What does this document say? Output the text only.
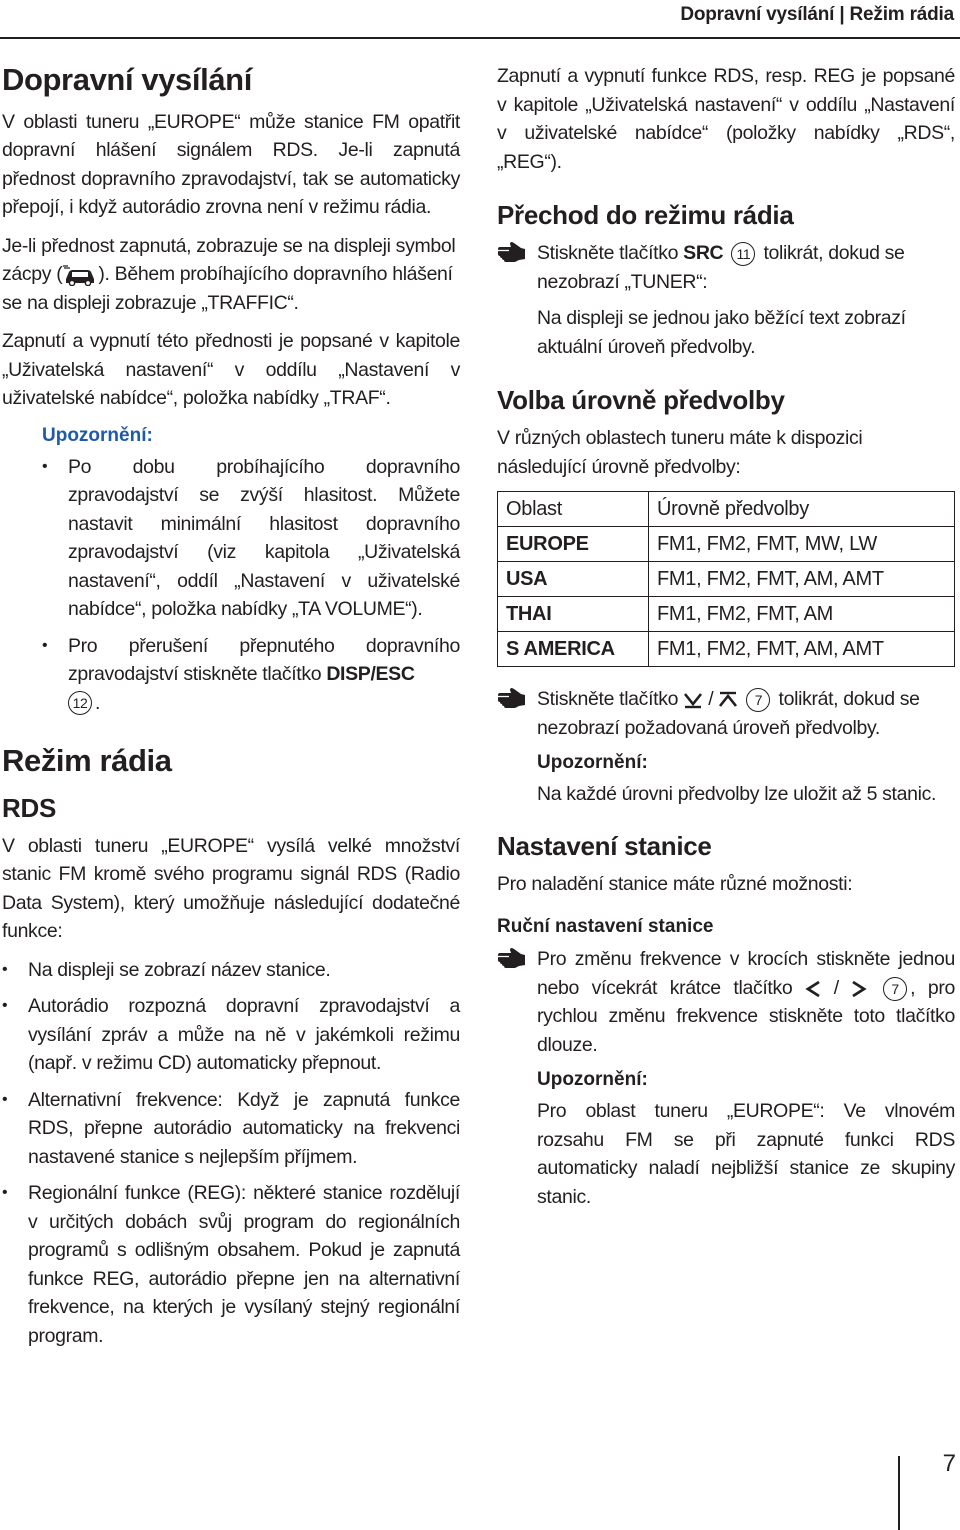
Dopravní vysílání | Režim rádia
Dopravní vysílání

V oblasti tuneru „EUROPE“ může stanice FM opatřit dopravní hlášení signálem RDS. Je-li zapnutá přednost dopravního zpravodajství, tak se automaticky přepojí, i když autorádio zrovna není v režimu rádia.

Je-li přednost zapnutá, zobrazuje se na displeji symbol zácpy ( ). Během probíhajícího dopravního hlášení se na displeji zobrazuje „TRAFFIC“.

Zapnutí a vypnutí této přednosti je popsané v kapitole „Uživatelská nastavení“ v oddílu „Nastavení v uživatelské nabídce“, položka nabídky „TRAF“.

Upozornění:
• Po dobu probíhajícího dopravního zpravodajství se zvýší hlasitost. Můžete nastavit minimální hlasitost dopravního zpravodajství (viz kapitola „Uživatelská nastavení“, oddíl „Nastavení v uživatelské nabídce“, položka nabídky „TA VOLUME“).
• Pro přerušení přepnutého dopravního zpravodajství stiskněte tlačítko DISP/ESC
12 .
Režim rádia
RDS

V oblasti tuneru „EUROPE“ vysílá velké množství stanic FM kromě svého programu signál RDS (Radio Data System), který umožňuje následující dodatečné funkce:

• Na displeji se zobrazí název stanice.
• Autorádio rozpozná dopravní zpravodajství a vysílání zpráv a může na ně v jakémkoli režimu (např. v režimu CD) automaticky přepnout.
• Alternativní frekvence: Když je zapnutá funkce RDS, přepne autorádio automaticky na frekvenci nastavené stanice s nejlepším příjmem.
• Regionální funkce (REG): některé stanice rozdělují v určitých dobách svůj program do regionálních programů s odlišným obsahem. Pokud je zapnutá funkce REG, autorádio přepne jen na alternativní frekvence, na kterých je vysílaný stejný regionální program.

Zapnutí a vypnutí funkce RDS, resp. REG je popsané v kapitole „Uživatelská nastavení“ v oddílu „Nastavení v uživatelské nabídce“ (položky nabídky „RDS“, „REG“).

Přechod do režimu rádia

Stiskněte tlačítko SRC 11 tolikrát, dokud se nezobrazí „TUNER“:

Na displeji se jednou jako běžící text zobrazí aktuální úroveň předvolby.

Volba úrovně předvolby

V různých oblastech tuneru máte k dispozici následující úrovně předvolby:

Oblast	Úrovně předvolby
EUROPE	FM1, FM2, FMT, MW, LW
USA	FM1, FM2, FMT, AM, AMT
THAI	FM1, FM2, FMT, AM
S AMERICA	FM1, FM2, FMT, AM, AMT

Stiskněte tlačítko  /	7 tolikrát, dokud se nezobrazí požadovaná úroveň předvolby.

Upozornění:

Na každé úrovni předvolby lze uložit až 5 stanic.

Nastavení stanice

Pro naladění stanice máte různé možnosti:

Ruční nastavení stanice

Pro změnu frekvence v krocích stiskněte jednou nebo vícekrát krátce tlačítko  /	7 , pro rychlou změnu frekvence stiskněte toto tlačítko dlouze.

Upozornění:

Pro oblast tuneru „EUROPE“: Ve vlnovém rozsahu FM se při zapnuté funkci RDS automaticky naladí nejbližší stanice ze skupiny stanic.

7
